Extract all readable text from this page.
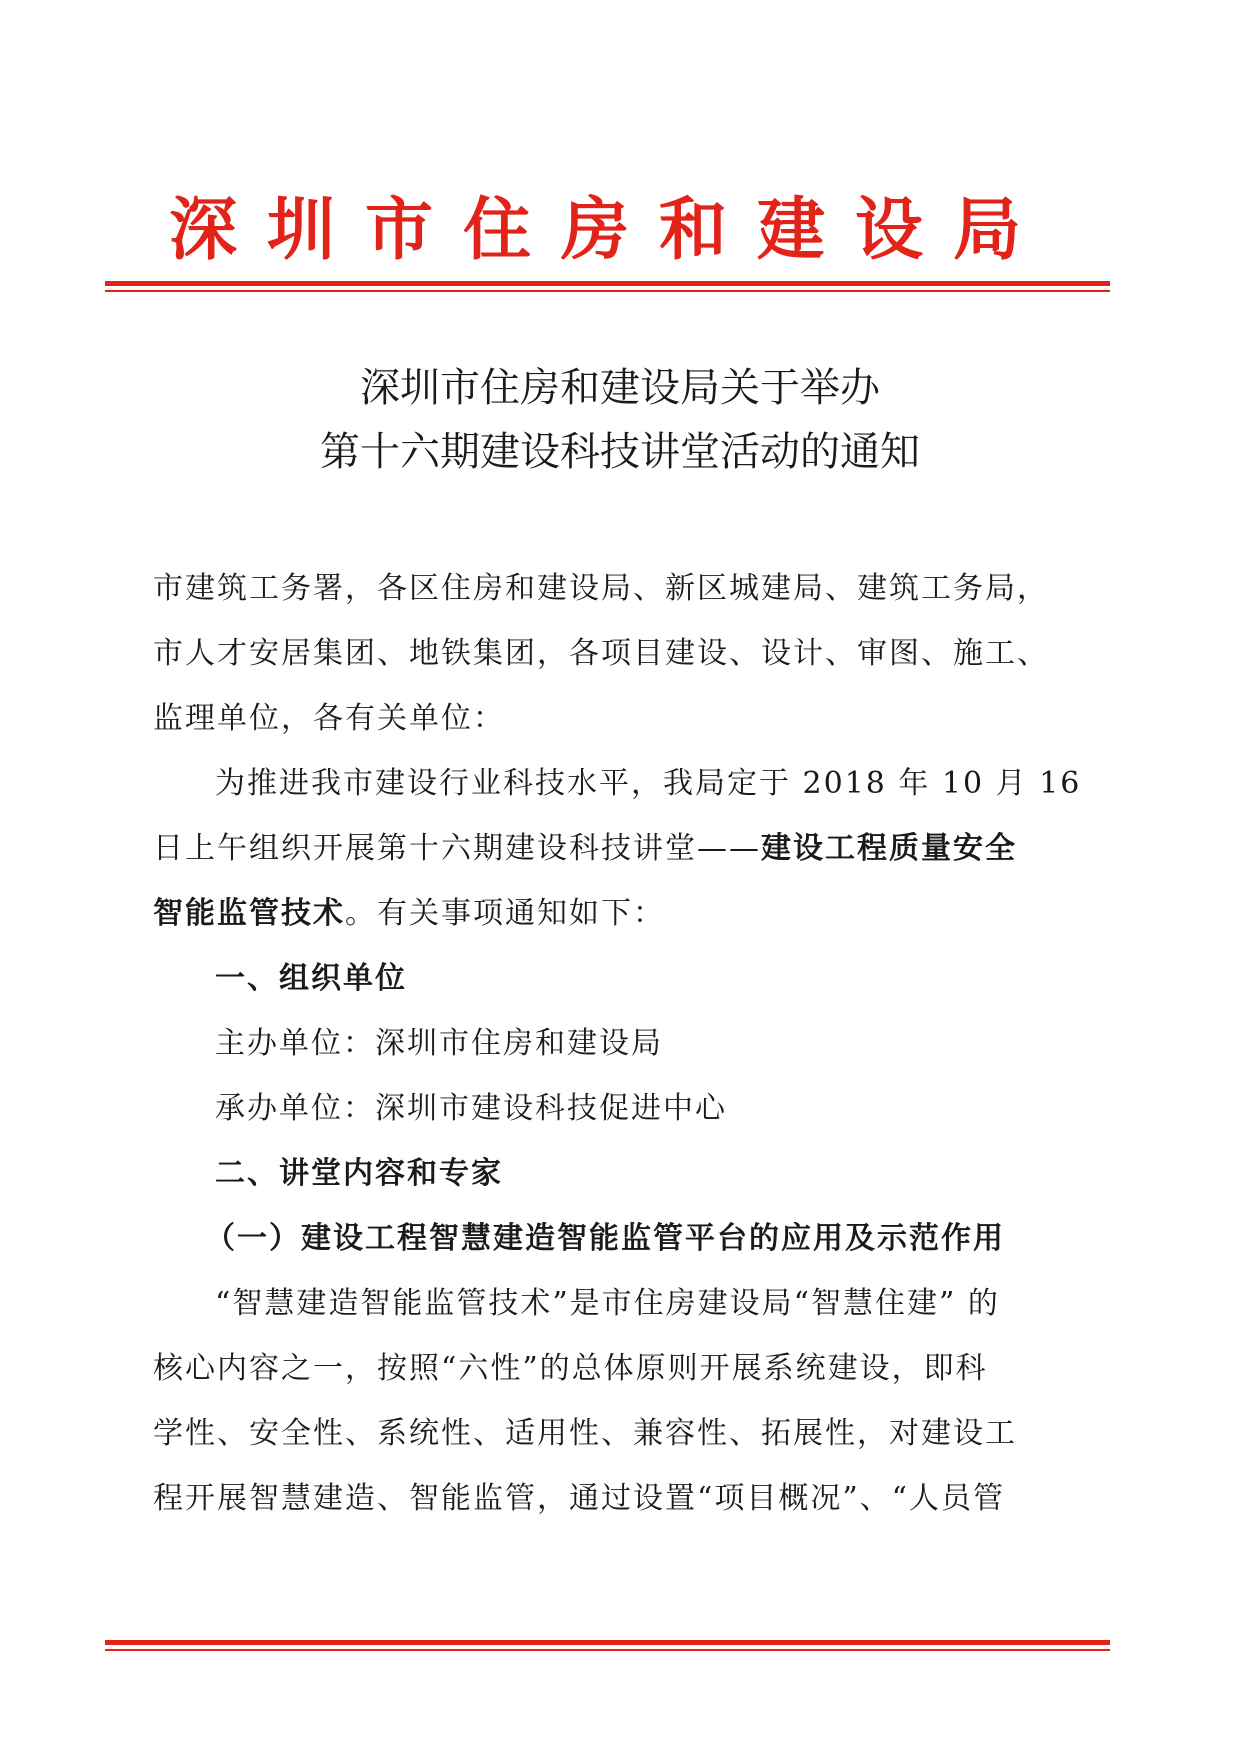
深圳市住房和建设局
深圳市住房和建设局关于举办
第十六期建设科技讲堂活动的通知

市建筑工务署，各区住房和建设局、新区城建局、建筑工务局，

市人才安居集团、地铁集团，各项目建设、设计、审图、施工、

监理单位，各有关单位：

为推进我市建设行业科技水平，我局定于 2018 年 10 月 16

日上午组织开展第十六期建设科技讲堂——建设工程质量安全

智能监管技术。有关事项通知如下：

一、组织单位

主办单位：深圳市住房和建设局

承办单位：深圳市建设科技促进中心

二、讲堂内容和专家

（一）建设工程智慧建造智能监管平台的应用及示范作用

“智慧建造智能监管技术”是市住房建设局“智慧住建” 的

核心内容之一，按照“六性”的总体原则开展系统建设，即科

学性、安全性、系统性、适用性、兼容性、拓展性，对建设工

程开展智慧建造、智能监管，通过设置“项目概况”、“人员管
